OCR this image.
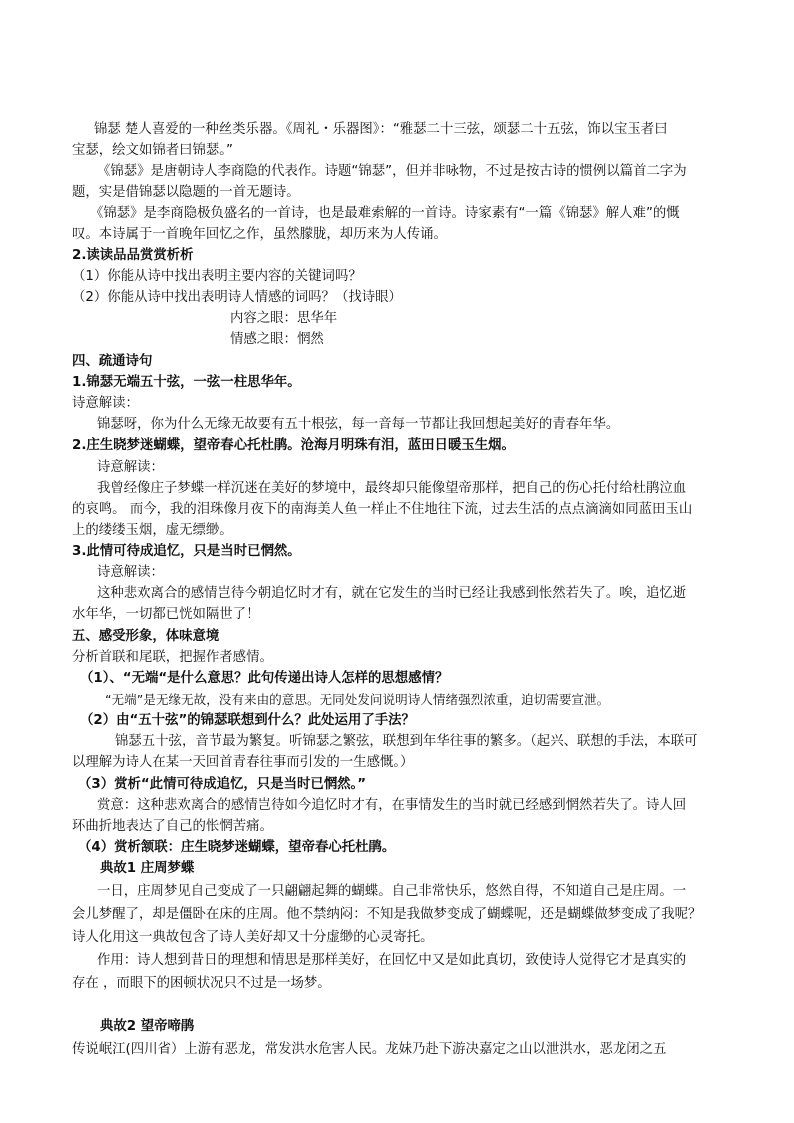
锦瑟 楚人喜爱的一种丝类乐器。《周礼・乐器图》：“雅瑟二十三弦，颂瑟二十五弦，饰以宝玉者曰
宝瑟，绘文如锦者曰锦瑟。”
《锦瑟》是唐朝诗人李商隐的代表作。诗题“锦瑟”，但并非咏物，不过是按古诗的惯例以篇首二字为
题，实是借锦瑟以隐题的一首无题诗。
《锦瑟》是李商隐极负盛名的一首诗，也是最难索解的一首诗。诗家素有“一篇《锦瑟》解人难”的慨
叹。本诗属于一首晚年回忆之作，虽然朦胧，却历来为人传诵。
2.读读品品赏赏析析
（1）你能从诗中找出表明主要内容的关键词吗？
（2）你能从诗中找出表明诗人情感的词吗？（找诗眼）
内容之眼：思华年
情感之眼：惘然
四、疏通诗句
1.锦瑟无端五十弦，一弦一柱思华年。
诗意解读：
锦瑟呀，你为什么无缘无故要有五十根弦，每一音每一节都让我回想起美好的青春年华。
2.庄生晓梦迷蝴蝶，望帝春心托杜鹃。沧海月明珠有泪，蓝田日暖玉生烟。
诗意解读：
我曾经像庄子梦蝶一样沉迷在美好的梦境中，最终却只能像望帝那样，把自己的伤心托付给杜鹃泣血
的哀鸣。 而今，我的泪珠像月夜下的南海美人鱼一样止不住地往下流，过去生活的点点滴滴如同蓝田玉山
上的缕缕玉烟，虚无缥缈。
3.此情可待成追忆，只是当时已惘然。
诗意解读：
这种悲欢离合的感情岂待今朝追忆时才有，就在它发生的当时已经让我感到怅然若失了。唉，追忆逝
水年华，一切都已恍如隔世了！
五、感受形象，体味意境
分析首联和尾联，把握作者感情。
（1）、“无端“是什么意思？此句传递出诗人怎样的思想感情？
“无端”是无缘无故，没有来由的意思。无同处发问说明诗人情绪强烈浓重，迫切需要宣泄。
（2）由“五十弦”的锦瑟联想到什么？此处运用了手法？
锦瑟五十弦，音节最为繁复。听锦瑟之繁弦，联想到年华往事的繁多。（起兴、联想的手法，本联可
以理解为诗人在某一天回首青春往事而引发的一生感慨。）
（3）赏析“此情可待成追忆，只是当时已惘然。”
赏意：这种悲欢离合的感情岂待如今追忆时才有，在事情发生的当时就已经感到惘然若失了。诗人回
环曲折地表达了自己的怅惘苦痛。
（4）赏析颔联：庄生晓梦迷蝴蝶，望帝春心托杜鹃。
典故1 庄周梦蝶
一日，庄周梦见自己变成了一只翩翩起舞的蝴蝶。自己非常快乐，悠然自得，不知道自己是庄周。一
会儿梦醒了，却是僵卧在床的庄周。他不禁纳闷：不知是我做梦变成了蝴蝶呢，还是蝴蝶做梦变成了我呢？
诗人化用这一典故包含了诗人美好却又十分虚缈的心灵寄托。
作用：诗人想到昔日的理想和情思是那样美好，在回忆中又是如此真切，致使诗人觉得它才是真实的
存在 ，而眼下的困顿状况只不过是一场梦。
典故2 望帝啼鹃
传说岷江(四川省）上游有恶龙，常发洪水危害人民。龙妹乃赴下游决嘉定之山以泄洪水，恶龙闭之五
